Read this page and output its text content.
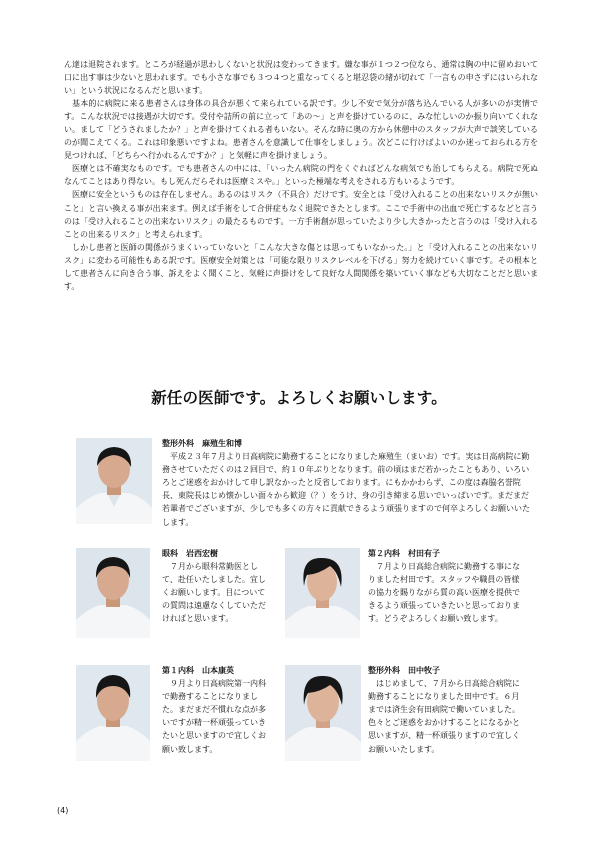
ん達は退院されます。ところが経過が思わしくないと状況は変わってきます。嫌な事が１つ２つ位なら、通常は胸の中に留めおいて口に出す事は少ないと思われます。でも小さな事でも３つ４つと重なってくると堪忍袋の緒が切れて「一言もの申さずにはいられない」という状況になるんだと思います。

基本的に病院に来る患者さんは身体の具合が悪くて来られている訳です。少し不安で気分が落ち込んでいる人が多いのが実情です。こんな状況では接遇が大切です。受付や詰所の前に立って「あの〜」と声を掛けているのに、みな忙しいのか振り向いてくれない。まして「どうされましたか？」と声を掛けてくれる者もいない。そんな時に奥の方から休憩中のスタッフが大声で談笑しているのが聞こえてくる。これは印象悪いですよね。患者さんを意識して仕事をしましょう。次どこに行けばよいのか迷っておられる方を見つければ、「どちらへ行かれるんですか？」と気軽に声を掛けましょう。

医療とは不確実なものです。でも患者さんの中には、「いったん病院の門をくぐればどんな病気でも治してもらえる。病院で死ぬなんてことはあり得ない。もし死んだらそれは医療ミスや。」といった極端な考えをされる方もいるようです。

医療に安全というものは存在しません。あるのはリスク（不具合）だけです。安全とは「受け入れることの出来ないリスクが無いこと」と言い換える事が出来ます。例えば手術をして合併症もなく退院できたとします。ここで手術中の出血で死亡するなどと言うのは「受け入れることの出来ないリスク」の最たるものです。一方手術創が思っていたより少し大きかったと言うのは「受け入れることの出来るリスク」と考えられます。

しかし患者と医師の関係がうまくいっていないと「こんな大きな傷とは思ってもいなかった。」と「受け入れることの出来ないリスク」に変わる可能性もある訳です。医療安全対策とは「可能な限りリスクレベルを下げる」努力を続けていく事です。その根本として患者さんに向き合う事、訴えをよく聞くこと、気軽に声掛けをして良好な人間関係を築いていく事なども大切なことだと思います。

新任の医師です。よろしくお願いします。

整形外科　麻殖生和博

平成２３年７月より日高病院に勤務することになりました麻殖生（まいお）です。実は日高病院に勤務させていただくのは２回目で、約１０年ぶりとなります。前の頃はまだ若かったこともあり、いろいろとご迷惑をおかけして申し訳なかったと反省しております。にもかかわらず、この度は森脇名誉院長、東院長はじめ懐かしい面々から歓迎（？）をうけ、身の引き締まる思いでいっぱいです。まだまだ若輩者でございますが、少しでも多くの方々に貢献できるよう頑張りますので何卒よろしくお願いいたします。

眼科　岩西宏樹

７月から眼科常勤医として、赴任いたしました。宜しくお願いします。目についての質問は遠慮なくしていただければと思います。

第２内科　村田有子

７月より日高総合病院に勤務する事になりました村田です。スタッフや職員の皆様の協力を賜りながら質の高い医療を提供できるよう頑張っていきたいと思っております。どうぞよろしくお願い致します。

第１内科　山本康英

９月より日高病院第一内科で勤務することになりました。まだまだ不慣れな点が多いですが精一杯頑張っていきたいと思いますので宜しくお願い致します。

整形外科　田中牧子

はじめまして、７月から日高総合病院に勤務することになりました田中です。６月までは済生会有田病院で働いていました。色々とご迷惑をおかけすることになるかと思いますが、精一杯頑張りますので宜しくお願いいたします。

(4)
